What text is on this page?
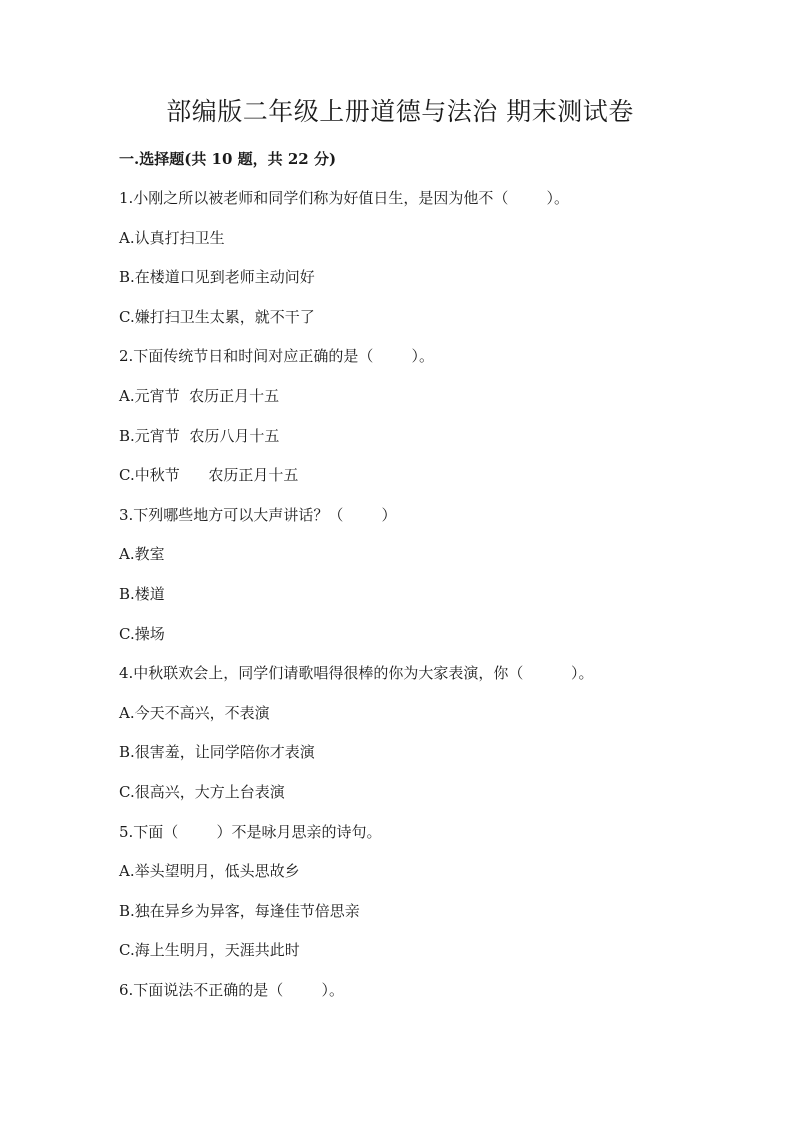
部编版二年级上册道德与法治 期末测试卷
一.选择题(共 10 题，共 22 分)
1.小刚之所以被老师和同学们称为好值日生，是因为他不（        ）。
A.认真打扫卫生
B.在楼道口见到老师主动问好
C.嫌打扫卫生太累，就不干了
2.下面传统节日和时间对应正确的是（        ）。
A.元宵节  农历正月十五
B.元宵节  农历八月十五
C.中秋节      农历正月十五
3.下列哪些地方可以大声讲话？（        ）
A.教室
B.楼道
C.操场
4.中秋联欢会上，同学们请歌唱得很棒的你为大家表演，你（          ）。
A.今天不高兴，不表演
B.很害羞，让同学陪你才表演
C.很高兴，大方上台表演
5.下面（        ）不是咏月思亲的诗句。
A.举头望明月，低头思故乡
B.独在异乡为异客，每逢佳节倍思亲
C.海上生明月，天涯共此时
6.下面说法不正确的是（        ）。
